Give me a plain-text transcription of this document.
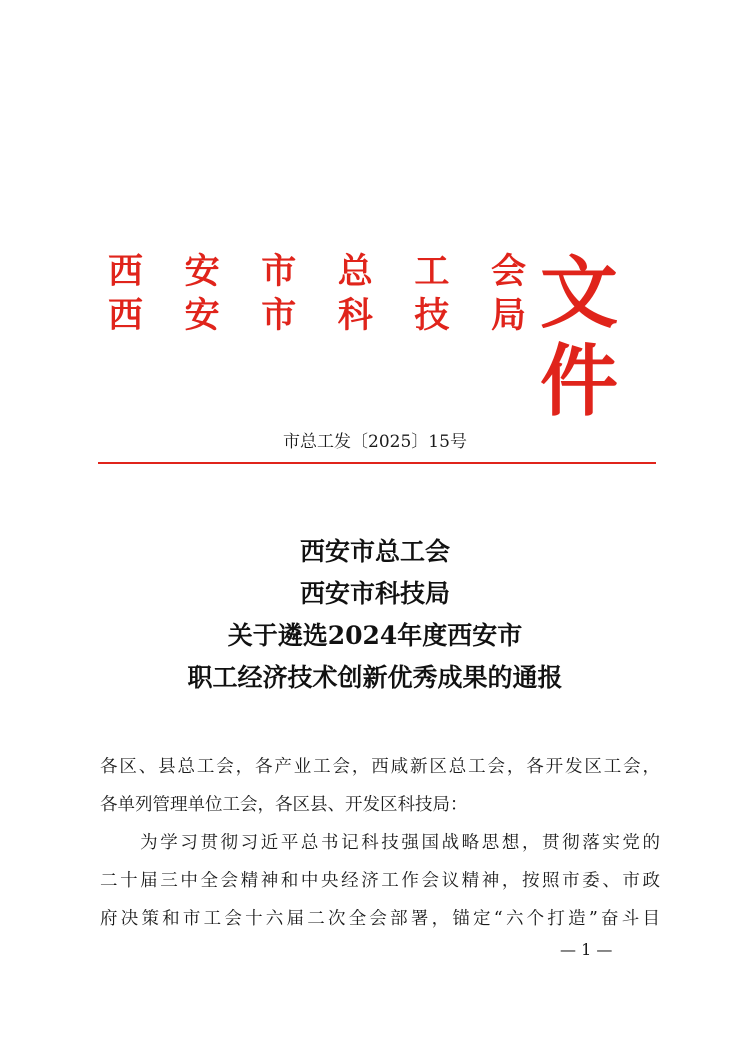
西 安 市 总 工 会
西 安 市 科 技 局 文件
市总工发〔2025〕15号
西安市总工会
西安市科技局
关于遴选2024年度西安市
职工经济技术创新优秀成果的通报

各区、县总工会，各产业工会，西咸新区总工会，各开发区工会，

各单列管理单位工会，各区县、开发区科技局：

　　为学习贯彻习近平总书记科技强国战略思想，贯彻落实党的

二十届三中全会精神和中央经济工作会议精神，按照市委、市政

府决策和市工会十六届二次全会部署，锚定“六个打造”奋斗目

— 1 —
